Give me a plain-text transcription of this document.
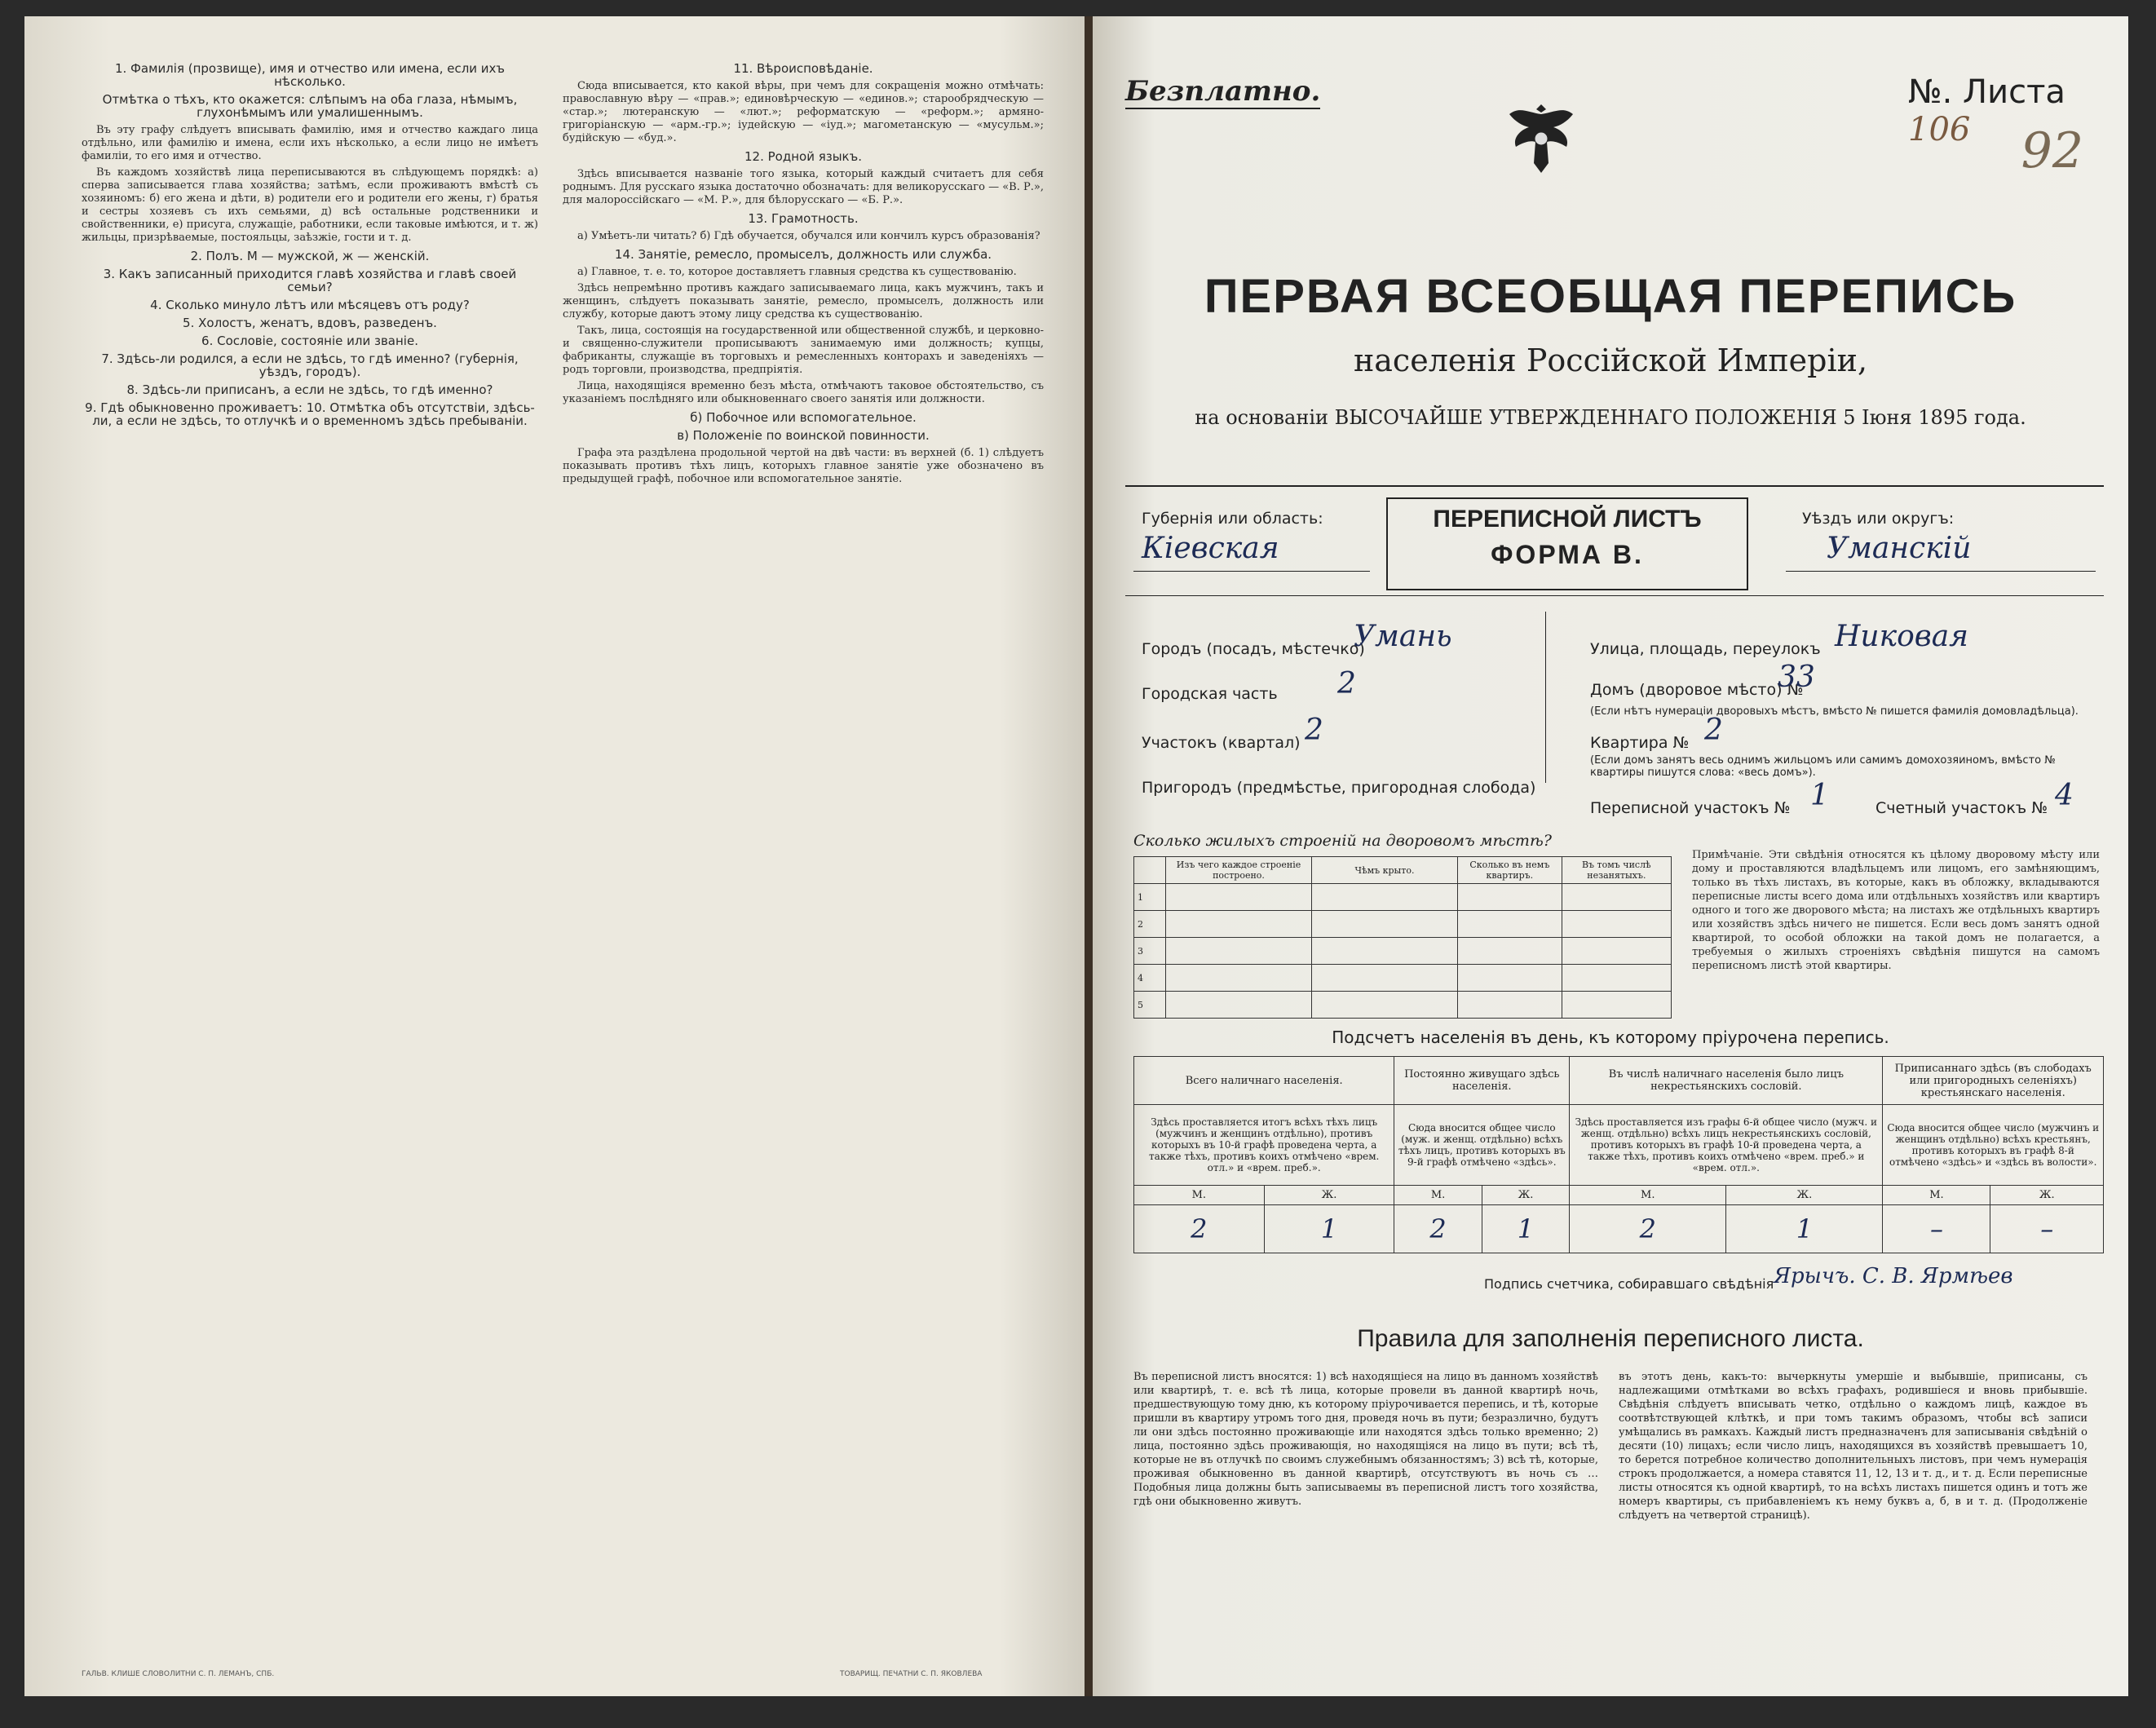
1. Фамилія (прозвище), имя и отчество или имена, если ихъ нѣсколько.
Отмѣтка о тѣхъ, кто окажется: слѣпымъ на оба глаза, нѣмымъ, глухонѣмымъ или умалишеннымъ.

Въ эту графу слѣдуетъ вписывать фамилію, имя и отчество каждаго лица отдѣльно, или фамилію и имена, если ихъ нѣсколько, а если лицо не имѣетъ фамиліи, то его имя и отчество.

Въ каждомъ хозяйствѣ лица переписываются въ слѣдующемъ порядкѣ: а) сперва записывается глава хозяйства; затѣмъ, если проживаютъ вмѣстѣ съ хозяиномъ: б) его жена и дѣти, в) родители его и родители его жены, г) братья и сестры хозяевъ съ ихъ семьями, д) всѣ остальные родственники и свойственники, е) присуга, служащіе, работники, если таковые имѣются, и т. ж) жильцы, призрѣваемые, постояльцы, заѣзжіе, гости и т. д.

2. Полъ. М — мужской, ж — женскій.
3. Какъ записанный приходится главѣ хозяйства и главѣ своей семьи?
4. Сколько минуло лѣтъ или мѣсяцевъ отъ роду?
5. Холостъ, женатъ, вдовъ, разведенъ.
6. Сословіе, состояніе или званіе.
7. Здѣсь-ли родился, а если не здѣсь, то гдѣ именно? (губернія, уѣздъ, городъ).
8. Здѣсь-ли приписанъ, а если не здѣсь, то гдѣ именно?
9. Гдѣ обыкновенно проживаетъ: 10. Отмѣтка объ отсутствіи, здѣсь-ли, а если не здѣсь, то отлучкѣ и о временномъ здѣсь пребываніи.
11. Вѣроисповѣданіе.

Сюда вписывается, кто какой вѣры, при чемъ для сокращенія можно отмѣчать: православную вѣру — «прав.»; единовѣрческую — «единов.»; старообрядческую — «стар.»; лютеранскую — «лют.»; реформатскую — «реформ.»; армяно-григоріанскую — «арм.-гр.»; іудейскую — «іуд.»; магометанскую — «мусульм.»; будійскую — «буд.».

12. Родной языкъ.

Здѣсь вписывается названіе того языка, который каждый считаетъ для себя роднымъ. Для русскаго языка достаточно обозначать: для великорусскаго — «В. Р.», для малороссійскаго — «М. Р.», для бѣлорусскаго — «Б. Р.».

13. Грамотность.

а) Умѣетъ-ли читать? б) Гдѣ обучается, обучался или кончилъ курсъ образованія?

14. Занятіе, ремесло, промыселъ, должность или служба.

а) Главное, т. е. то, которое доставляетъ главныя средства къ существованію.

Здѣсь непремѣнно противъ каждаго записываемаго лица, какъ мужчинъ, такъ и женщинъ, слѣдуетъ показывать занятіе, ремесло, промыселъ, должность или службу, которые даютъ этому лицу средства къ существованію.

Такъ, лица, состоящія на государственной или общественной службѣ, и церковно-и священно-служители прописываютъ занимаемую ими должность; купцы, фабриканты, служащіе въ торговыхъ и ремесленныхъ конторахъ и заведеніяхъ — родъ торговли, производства, предпріятія.

Лица, находящіяся временно безъ мѣста, отмѣчаютъ таковое обстоятельство, съ указаніемъ послѣдняго или обыкновеннаго своего занятія или должности.

б) Побочное или вспомогательное.
в) Положеніе по воинской повинности.

Графа эта раздѣлена продольной чертой на двѣ части: въ верхней (б. 1) слѣдуетъ показывать противъ тѣхъ лицъ, которыхъ главное занятіе уже обозначено въ предыдущей графѣ, побочное или вспомогательное занятіе.

ГАЛЬВ. КЛИШЕ СЛОВОЛИТНИ С. П. ЛЕМАНЪ, СПБ.	ТОВАРИЩ. ПЕЧАТНИ С. П. ЯКОВЛЕВА
Безплатно.	№. Листа 106	92
ПЕРВАЯ ВСЕОБЩАЯ ПЕРЕПИСЬ
населенія Россійской Имперіи,
на основаніи ВЫСОЧАЙШЕ УТВЕРЖДЕННАГО ПОЛОЖЕНІЯ 5 Іюня 1895 года.
Губернія или область:
Кіевская
ПЕРЕПИСНОЙ ЛИСТЪ
ФОРМА В.
Уѣздъ или округъ:
Уманскій
Городъ (посадъ, мѣстечко)
Умань
Городская часть 2
Участокъ (квартал) 2
Пригородъ (предмѣстье, пригородная слобода)
Улица, площадь, переулокъ Никовая
Домъ (дворовое мѣсто) №
33
(Если нѣтъ нумераціи дворовыхъ мѣстъ, вмѣсто № пишется фамилія домовладѣльца).
Квартира № 2
(Если домъ занятъ весь однимъ жильцомъ или самимъ домохозяиномъ, вмѣсто № квартиры пишутся слова: «весь домъ»).
Переписной участокъ № 1	Счетный участокъ № 4
Сколько жилыхъ строеній на дворовомъ мѣстѣ?
	Изъ чего каждое строеніе построено.	Чѣмъ крыто.	Сколько въ немъ квартиръ.	Въ томъ числѣ незанятыхъ.
1				
2				
3				
4				
5				
Примѣчаніе. Эти свѣдѣнія относятся къ цѣлому дворовому мѣсту или дому и проставляются владѣльцемъ или лицомъ, его замѣняющимъ, только въ тѣхъ листахъ, въ которые, какъ въ обложку, вкладываются переписные листы всего дома или отдѣльныхъ хозяйствъ или квартиръ одного и того же дворового мѣста; на листахъ же отдѣльныхъ квартиръ или хозяйствъ здѣсь ничего не пишется. Если весь домъ занятъ одной квартирой, то особой обложки на такой домъ не полагается, а требуемыя о жилыхъ строеніяхъ свѣдѣнія пишутся на самомъ переписномъ листѣ этой квартиры.
Подсчетъ населенія въ день, къ которому пріурочена перепись.
Всего наличнаго населенія.		Постоянно живущаго здѣсь населенія.		Въ числѣ наличнаго населенія было лицъ некрестьянскихъ сословій.		Приписаннаго здѣсь (въ слободахъ или пригородныхъ селеніяхъ) крестьянскаго населенія.	
Здѣсь проставляется итогъ всѣхъ тѣхъ лицъ (мужчинъ и женщинъ отдѣльно), противъ которыхъ въ 10-й графѣ проведена черта, а также тѣхъ, противъ коихъ отмѣчено «врем. отл.» и «врем. преб.».		Сюда вносится общее число (муж. и женщ. отдѣльно) всѣхъ тѣхъ лицъ, противъ которыхъ въ 9-й графѣ отмѣчено «здѣсь».		Здѣсь проставляется изъ графы 6-й общее число (мужч. и женщ. отдѣльно) всѣхъ лицъ некрестьянскихъ сословій, противъ которыхъ въ графѣ 10-й проведена черта, а также тѣхъ, противъ коихъ отмѣчено «врем. преб.» и «врем. отл.».		Сюда вносится общее число (мужчинъ и женщинъ отдѣльно) всѣхъ крестьянъ, противъ которыхъ въ графѣ 8-й отмѣчено «здѣсь» и «здѣсь въ волости».	
М.	Ж.	М.	Ж.	М.	Ж.	М.	Ж.
2	1	2	1	2	1	–	–
Подпись счетчика, собиравшаго свѣдѣнія Ярычъ. С. В. Ярмѣев
Правила для заполненія переписного листа.
Въ переписной листъ вносятся: 1) всѣ находящіеся на лицо въ данномъ хозяйствѣ или квартирѣ, т. е. всѣ тѣ лица, которые провели въ данной квартирѣ ночь, предшествующую тому дню, къ которому пріурочивается перепись, и тѣ, которые пришли въ квартиру утромъ того дня, проведя ночь въ пути; безразлично, будутъ ли они здѣсь постоянно проживающіе или находятся здѣсь только временно; 2) лица, постоянно здѣсь проживающія, но находящіяся на лицо въ пути; всѣ тѣ, которые не въ отлучкѣ по своимъ служебнымъ обязанностямъ; 3) всѣ тѣ, которые, проживая обыкновенно въ данной квартирѣ, отсутствуютъ въ ночь съ … Подобныя лица должны быть записываемы въ переписной листъ того хозяйства, гдѣ они обыкновенно живутъ.
въ этотъ день, какъ-то: вычеркнуты умершіе и выбывшіе, приписаны, съ надлежащими отмѣтками во всѣхъ графахъ, родившіеся и вновь прибывшіе. Свѣдѣнія слѣдуетъ вписывать четко, отдѣльно о каждомъ лицѣ, каждое въ соотвѣтствующей клѣткѣ, и при томъ такимъ образомъ, чтобы всѣ записи умѣщались въ рамкахъ. Каждый листъ предназначенъ для записыванія свѣдѣній о десяти (10) лицахъ; если число лицъ, находящихся въ хозяйствѣ превышаетъ 10, то берется потребное количество дополнительныхъ листовъ, при чемъ нумерація строкъ продолжается, а номера ставятся 11, 12, 13 и т. д., и т. д. Если переписные листы относятся къ одной квартирѣ, то на всѣхъ листахъ пишется одинъ и тотъ же номеръ квартиры, съ прибавленіемъ къ нему буквъ а, б, в и т. д. (Продолженіе слѣдуетъ на четвертой страницѣ).
